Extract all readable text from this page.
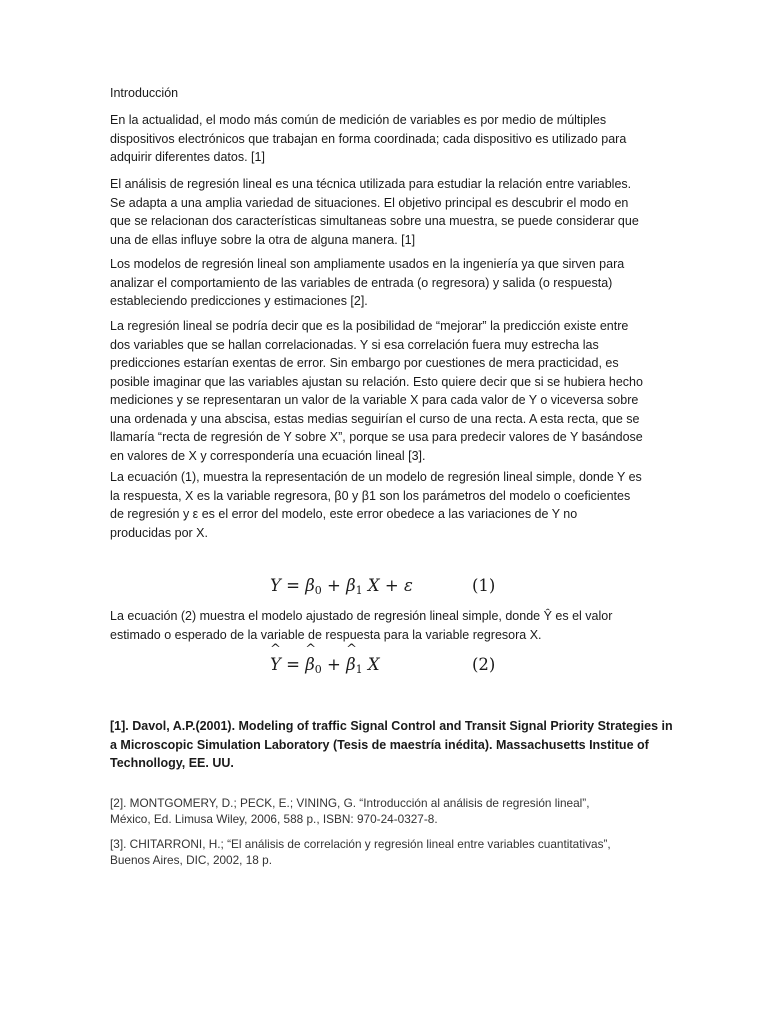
Introducción
En la actualidad, el modo más común de medición de variables es por medio de múltiples
dispositivos electrónicos que trabajan en forma coordinada; cada dispositivo es utilizado para
adquirir diferentes datos. [1]
El análisis de regresión lineal es una técnica utilizada para estudiar la relación entre variables.
Se adapta a una amplia variedad de situaciones. El objetivo principal es descubrir el modo en
que se relacionan dos características simultaneas sobre una muestra, se puede considerar que
una de ellas influye sobre la otra de alguna manera. [1]
Los modelos de regresión lineal son ampliamente usados en la ingeniería ya que sirven para
analizar el comportamiento de las variables de entrada (o regresora) y salida (o respuesta)
estableciendo predicciones y estimaciones [2].
La regresión lineal se podría decir que es la posibilidad de “mejorar” la predicción existe entre
dos variables que se hallan correlacionadas. Y si esa correlación fuera muy estrecha las
predicciones estarían exentas de error. Sin embargo por cuestiones de mera practicidad, es
posible imaginar que las variables ajustan su relación. Esto quiere decir que si se hubiera hecho
mediciones y se representaran un valor de la variable X para cada valor de Y o viceversa sobre
una ordenada y una abscisa, estas medias seguirían el curso de una recta. A esta recta, que se
llamaría “recta de regresión de Y sobre X”, porque se usa para predecir valores de Y basándose
en valores de X y correspondería una ecuación lineal [3].
La ecuación (1), muestra la representación de un modelo de regresión lineal simple, donde Y es
la respuesta, X es la variable regresora, β0 y β1 son los parámetros del modelo o coeficientes
de regresión y ε es el error del modelo, este error obedece a las variaciones de Y no
producidas por X.
$Y = \beta_0 + \beta_1$ X + ε	(1)
La ecuación (2) muestra el modelo ajustado de regresión lineal simple, donde Ŷ es el valor
estimado o esperado de la variable de respuesta para la variable regresora X.
^
Y =
^
$\beta_0$ +
^
$\beta_1$ X	(2)
[1]. Davol, A.P.(2001). Modeling of traffic Signal Control and Transit Signal Priority Strategies in
a Microscopic Simulation Laboratory (Tesis de maestría inédita). Massachusetts Institue of
Technollogy, EE. UU.
[2]. MONTGOMERY, D.; PECK, E.; VINING, G. “Introducción al análisis de regresión lineal”,
México, Ed. Limusa Wiley, 2006, 588 p., ISBN: 970-24-0327-8.
[3]. CHITARRONI, H.; “El análisis de correlación y regresión lineal entre variables cuantitativas”,
Buenos Aires, DIC, 2002, 18 p.
